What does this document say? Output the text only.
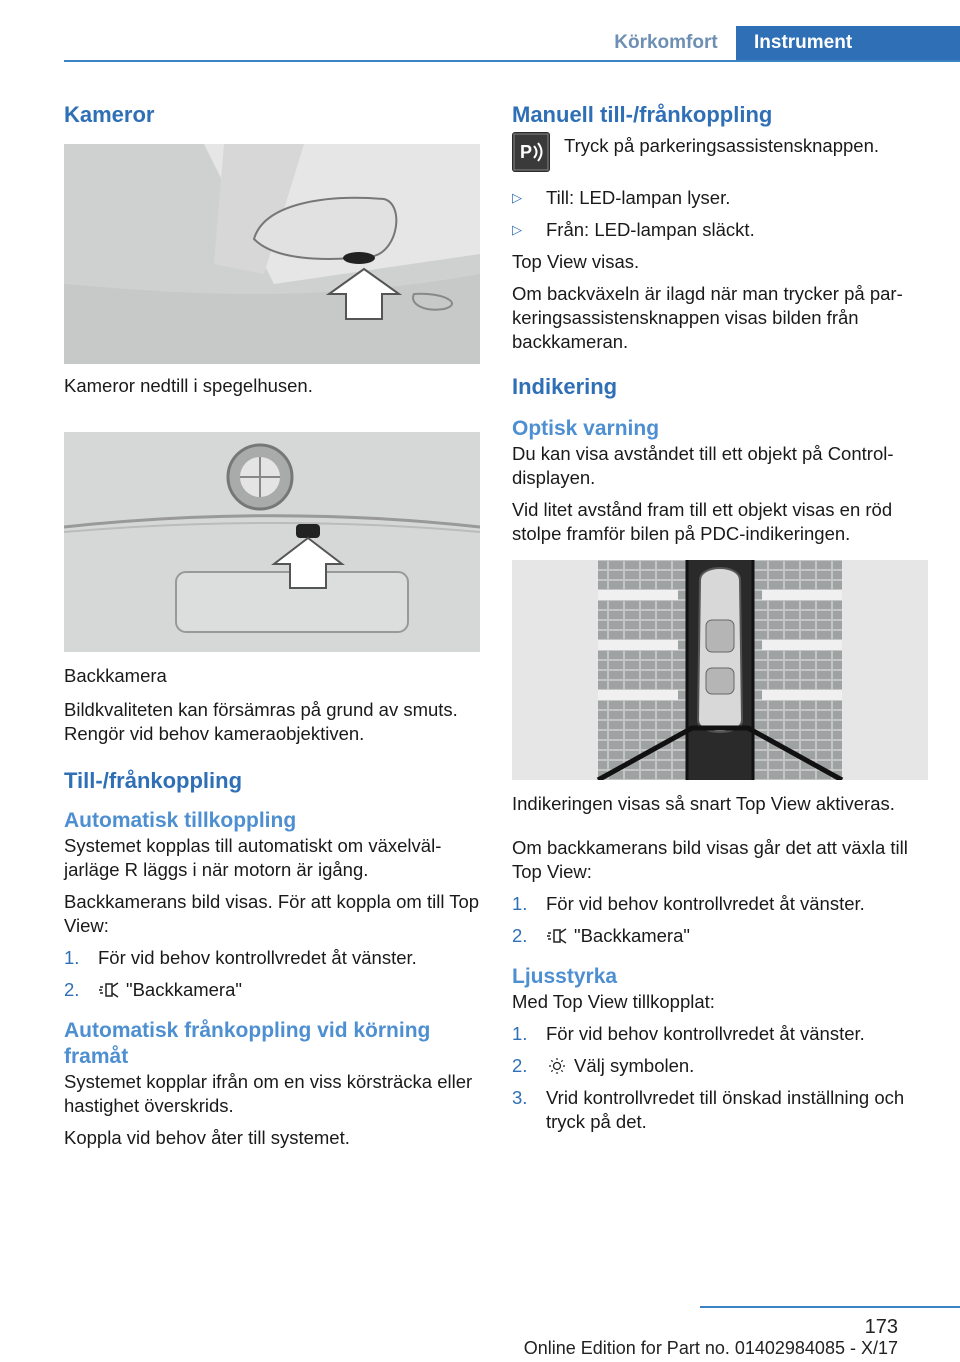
Körkomfort	Instrument
Kameror
Kameror nedtill i spegelhusen.
Backkamera

Bildkvaliteten kan försämras på grund av smuts. Rengör vid behov kameraobjektiven.

Till-/frånkoppling
Automatisk tillkoppling

Systemet kopplas till automatiskt om växelväljarläge R läggs i när motorn är igång.

Backkamerans bild visas. För att koppla om till Top View:

1. För vid behov kontrollvredet åt vänster.
2.	"Backkamera"
Automatisk frånkoppling vid körning framåt

Systemet kopplar ifrån om en viss körsträcka eller hastighet överskrids.

Koppla vid behov åter till systemet.

Manuell till-/frånkoppling
P Tryck på parkeringsassistensknappen.

▷ Till: LED-lampan lyser.
▷ Från: LED-lampan släckt.

Top View visas.

Om backväxeln är ilagd när man trycker på parkeringsassistensknappen visas bilden från backkameran.

Indikering
Optisk varning

Du kan visa avståndet till ett objekt på Controldisplayen.

Vid litet avstånd fram till ett objekt visas en röd stolpe framför bilen på PDC-indikeringen.

Indikeringen visas så snart Top View aktiveras.

Om backkamerans bild visas går det att växla till Top View:

1. För vid behov kontrollvredet åt vänster.
2.	"Backkamera"
Ljusstyrka

Med Top View tillkopplat:

1. För vid behov kontrollvredet åt vänster.
2.	Välj symbolen.
3. Vrid kontrollvredet till önskad inställning och tryck på det.
173
Online Edition for Part no. 01402984085 - X/17
